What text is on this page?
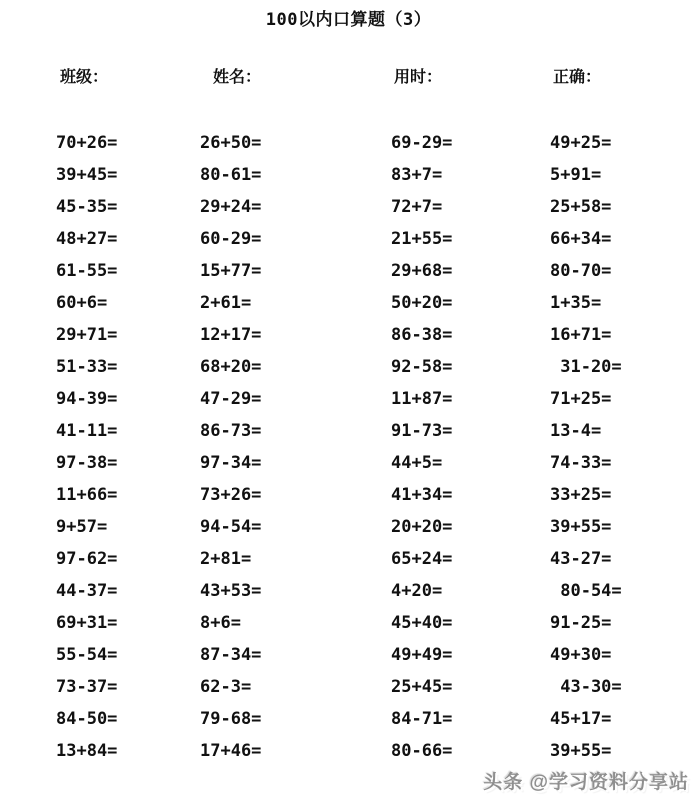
100以内口算题（3）
班级：	姓名：	用时：	正确：
70+26=	26+50=	69-29=	49+25=
39+45=	80-61=	83+7=	5+91=
45-35=	29+24=	72+7=	25+58=
48+27=	60-29=	21+55=	66+34=
61-55=	15+77=	29+68=	80-70=
60+6=	2+61=	50+20=	1+35=
29+71=	12+17=	86-38=	16+71=
51-33=	68+20=	92-58=	31-20=
94-39=	47-29=	11+87=	71+25=
41-11=	86-73=	91-73=	13-4=
97-38=	97-34=	44+5=	74-33=
11+66=	73+26=	41+34=	33+25=
9+57=	94-54=	20+20=	39+55=
97-62=	2+81=	65+24=	43-27=
44-37=	43+53=	4+20=	80-54=
69+31=	8+6=	45+40=	91-25=
55-54=	87-34=	49+49=	49+30=
73-37=	62-3=	25+45=	43-30=
84-50=	79-68=	84-71=	45+17=
13+84=	17+46=	80-66=	39+55=
头条 @学习资料分享站
